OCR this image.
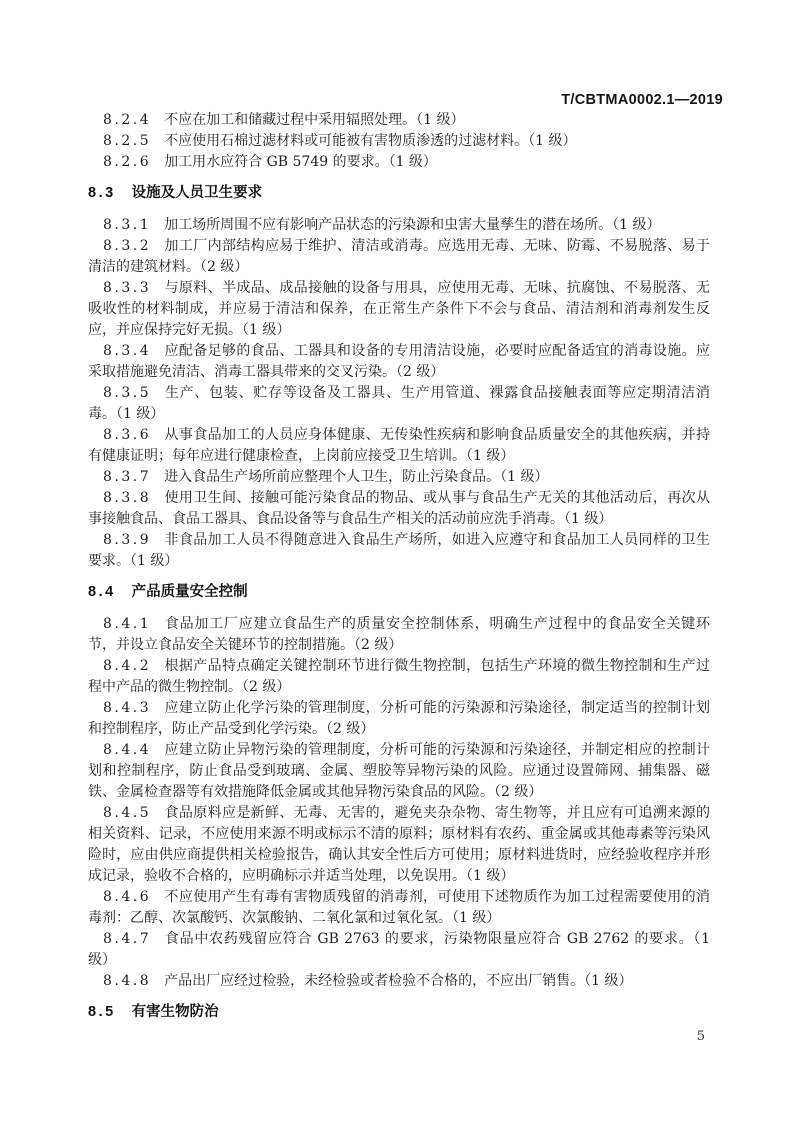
T/CBTMA0002.1—2019

8.2.4 不应在加工和储藏过程中采用辐照处理。（1 级）

8.2.5 不应使用石棉过滤材料或可能被有害物质渗透的过滤材料。（1 级）

8.2.6 加工用水应符合 GB 5749 的要求。（1 级）

8.3 设施及人员卫生要求

8.3.1 加工场所周围不应有影响产品状态的污染源和虫害大量孳生的潜在场所。（1 级）

8.3.2 加工厂内部结构应易于维护、清洁或消毒。应选用无毒、无味、防霉、不易脱落、易于清洁的建筑材料。（2 级）

8.3.3 与原料、半成品、成品接触的设备与用具，应使用无毒、无味、抗腐蚀、不易脱落、无吸收性的材料制成，并应易于清洁和保养，在正常生产条件下不会与食品、清洁剂和消毒剂发生反应，并应保持完好无损。（1 级）

8.3.4 应配备足够的食品、工器具和设备的专用清洁设施，必要时应配备适宜的消毒设施。应采取措施避免清洁、消毒工器具带来的交叉污染。（2 级）

8.3.5 生产、包装、贮存等设备及工器具、生产用管道、裸露食品接触表面等应定期清洁消毒。（1 级）

8.3.6 从事食品加工的人员应身体健康、无传染性疾病和影响食品质量安全的其他疾病，并持有健康证明；每年应进行健康检查，上岗前应接受卫生培训。（1 级）

8.3.7 进入食品生产场所前应整理个人卫生，防止污染食品。（1 级）

8.3.8 使用卫生间、接触可能污染食品的物品、或从事与食品生产无关的其他活动后，再次从事接触食品、食品工器具、食品设备等与食品生产相关的活动前应洗手消毒。（1 级）

8.3.9 非食品加工人员不得随意进入食品生产场所，如进入应遵守和食品加工人员同样的卫生要求。（1 级）

8.4 产品质量安全控制

8.4.1 食品加工厂应建立食品生产的质量安全控制体系，明确生产过程中的食品安全关键环节，并设立食品安全关键环节的控制措施。（2 级）

8.4.2 根据产品特点确定关键控制环节进行微生物控制，包括生产环境的微生物控制和生产过程中产品的微生物控制。（2 级）

8.4.3 应建立防止化学污染的管理制度，分析可能的污染源和污染途径，制定适当的控制计划和控制程序，防止产品受到化学污染。（2 级）

8.4.4 应建立防止异物污染的管理制度，分析可能的污染源和污染途径，并制定相应的控制计划和控制程序，防止食品受到玻璃、金属、塑胶等异物污染的风险。应通过设置筛网、捕集器、磁铁、金属检查器等有效措施降低金属或其他异物污染食品的风险。（2 级）

8.4.5 食品原料应是新鲜、无毒、无害的，避免夹杂杂物、寄生物等，并且应有可追溯来源的相关资料、记录，不应使用来源不明或标示不清的原料；原材料有农药、重金属或其他毒素等污染风险时，应由供应商提供相关检验报告，确认其安全性后方可使用；原材料进货时，应经验收程序并形成记录，验收不合格的，应明确标示并适当处理，以免误用。（1 级）

8.4.6 不应使用产生有毒有害物质残留的消毒剂，可使用下述物质作为加工过程需要使用的消毒剂：乙醇、次氯酸钙、次氯酸钠、二氧化氯和过氧化氢。（1 级）

8.4.7 食品中农药残留应符合 GB 2763 的要求，污染物限量应符合 GB 2762 的要求。（1 级）

8.4.8 产品出厂应经过检验，未经检验或者检验不合格的，不应出厂销售。（1 级）

8.5 有害生物防治

5
